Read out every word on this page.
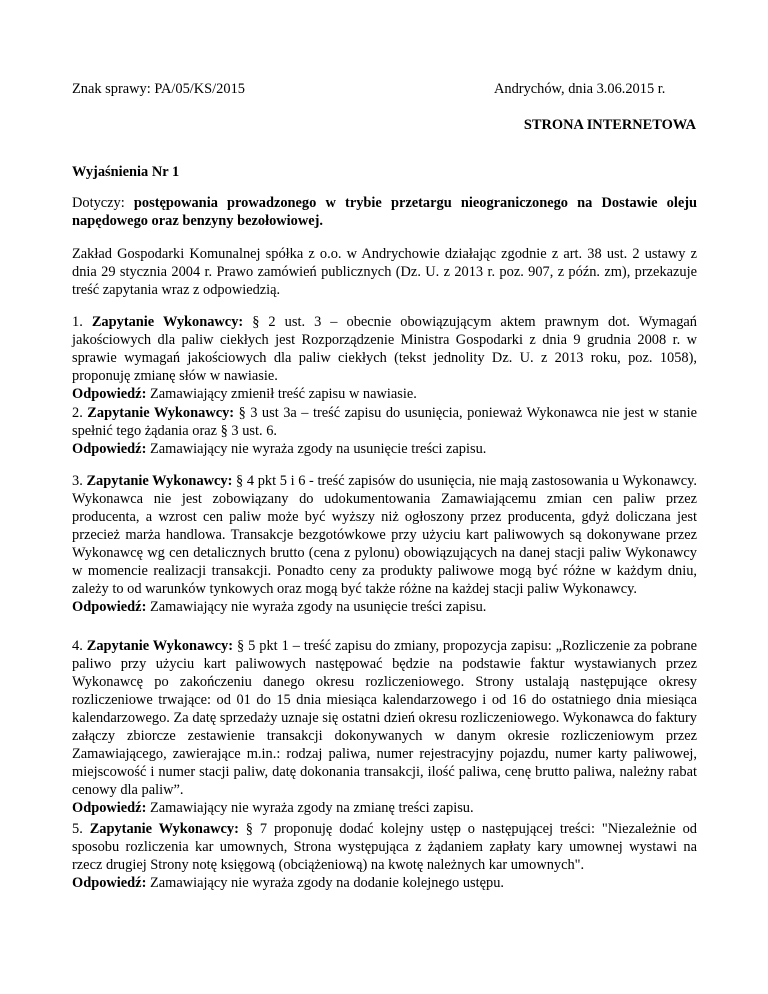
Znak sprawy: PA/05/KS/2015	Andrychów, dnia 3.06.2015 r.
STRONA INTERNETOWA
Wyjaśnienia Nr 1
Dotyczy: postępowania prowadzonego w trybie przetargu nieograniczonego na Dostawie oleju napędowego oraz benzyny bezołowiowej.
Zakład Gospodarki Komunalnej spółka z o.o. w Andrychowie działając zgodnie z art. 38 ust. 2 ustawy z dnia 29 stycznia 2004 r. Prawo zamówień publicznych (Dz. U. z 2013 r. poz. 907, z późn. zm), przekazuje treść zapytania wraz z odpowiedzią.
1. Zapytanie Wykonawcy: § 2 ust. 3 – obecnie obowiązującym aktem prawnym dot. Wymagań jakościowych dla paliw ciekłych jest Rozporządzenie Ministra Gospodarki z dnia 9 grudnia 2008 r. w sprawie wymagań jakościowych dla paliw ciekłych (tekst jednolity Dz. U. z 2013 roku, poz. 1058), proponuję zmianę słów w nawiasie.
Odpowiedź: Zamawiający zmienił treść zapisu w nawiasie.
2. Zapytanie Wykonawcy: § 3 ust 3a – treść zapisu do usunięcia, ponieważ Wykonawca nie jest w stanie spełnić tego żądania oraz § 3 ust. 6.
Odpowiedź: Zamawiający nie wyraża zgody na usunięcie treści zapisu.
3. Zapytanie Wykonawcy: § 4 pkt 5 i 6 - treść zapisów do usunięcia, nie mają zastosowania u Wykonawcy. Wykonawca nie jest zobowiązany do udokumentowania Zamawiającemu zmian cen paliw przez producenta, a wzrost cen paliw może być wyższy niż ogłoszony przez producenta, gdyż doliczana jest przecież marża handlowa. Transakcje bezgotówkowe przy użyciu kart paliwowych są dokonywane przez Wykonawcę wg cen detalicznych brutto (cena z pylonu) obowiązujących na danej stacji paliw Wykonawcy w momencie realizacji transakcji. Ponadto ceny za produkty paliwowe mogą być różne w każdym dniu, zależy to od warunków tynkowych oraz mogą być także różne na każdej stacji paliw Wykonawcy.
Odpowiedź: Zamawiający nie wyraża zgody na usunięcie treści zapisu.
4. Zapytanie Wykonawcy: § 5 pkt 1 – treść zapisu do zmiany, propozycja zapisu: „Rozliczenie za pobrane paliwo przy użyciu kart paliwowych następować będzie na podstawie faktur wystawianych przez Wykonawcę po zakończeniu danego okresu rozliczeniowego. Strony ustalają następujące okresy rozliczeniowe trwające: od 01 do 15 dnia miesiąca kalendarzowego i od 16 do ostatniego dnia miesiąca kalendarzowego. Za datę sprzedaży uznaje się ostatni dzień okresu rozliczeniowego. Wykonawca do faktury załączy zbiorcze zestawienie transakcji dokonywanych w danym okresie rozliczeniowym przez Zamawiającego, zawierające m.in.: rodzaj paliwa, numer rejestracyjny pojazdu, numer karty paliwowej, miejscowość i numer stacji paliw, datę dokonania transakcji, ilość paliwa, cenę brutto paliwa, należny rabat cenowy dla paliw”.
Odpowiedź: Zamawiający nie wyraża zgody na zmianę treści zapisu.
5. Zapytanie Wykonawcy: § 7 proponuję dodać kolejny ustęp o następującej treści: "Niezależnie od sposobu rozliczenia kar umownych, Strona występująca z żądaniem zapłaty kary umownej wystawi na rzecz drugiej Strony notę księgową (obciążeniową) na kwotę należnych kar umownych".
Odpowiedź: Zamawiający nie wyraża zgody na dodanie kolejnego ustępu.
